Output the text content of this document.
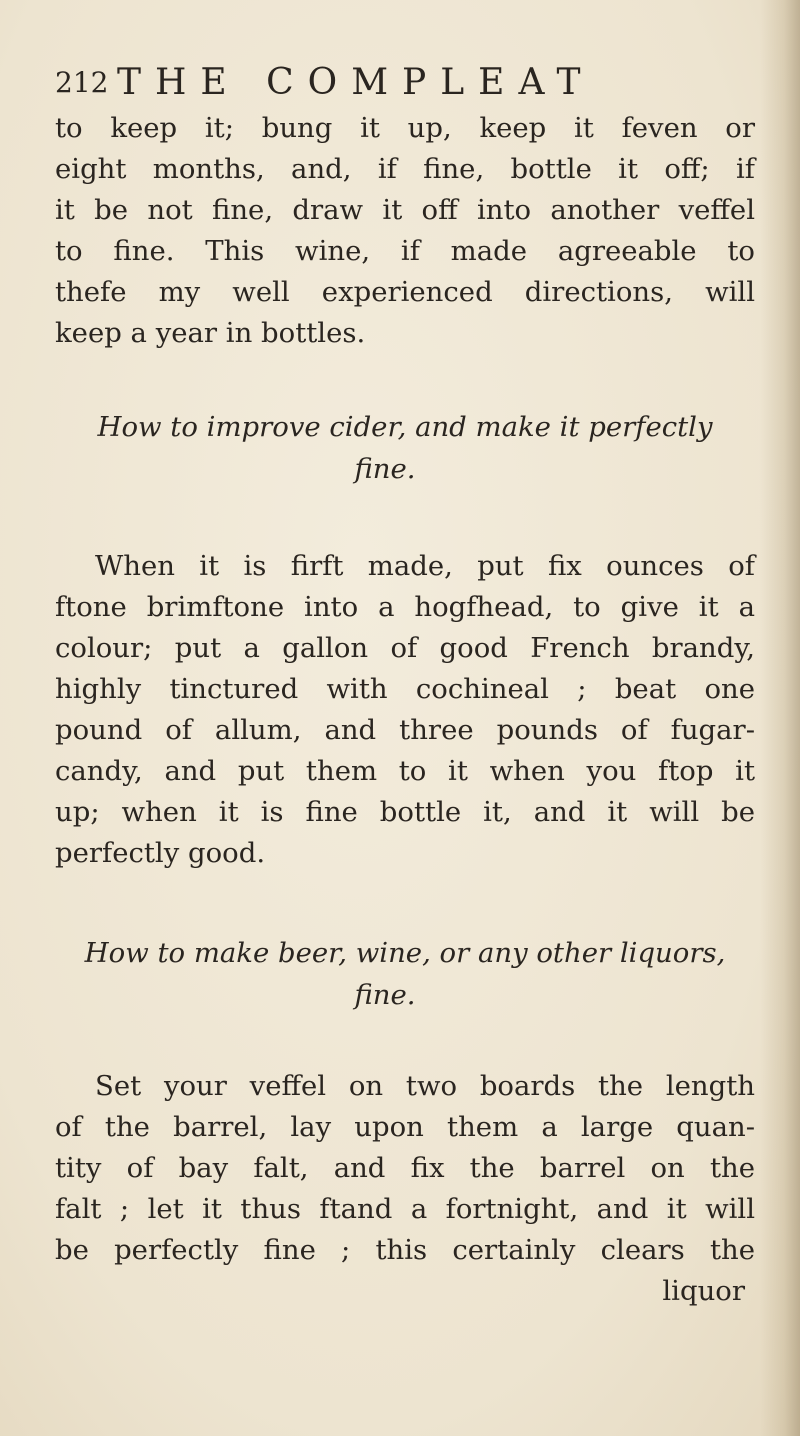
212 THE COMPLEAT
to keep it; bung it up, keep it feven or
eight months, and, if fine, bottle it off; if
it be not fine, draw it off into another veffel
to fine. This wine, if made agreeable to
thefe my well experienced directions, will
keep a year in bottles.
How to improve cider, and make it perfectly
fine.
When it is firft made, put fix ounces of
ftone brimftone into a hogfhead, to give it a
colour; put a gallon of good French brandy,
highly tinctured with cochineal ; beat one
pound of allum, and three pounds of fugar-
candy, and put them to it when you ftop it
up; when it is fine bottle it, and it will be
perfectly good.
How to make beer, wine, or any other liquors,
fine.
Set your veffel on two boards the length
of the barrel, lay upon them a large quan-
tity of bay falt, and fix the barrel on the
falt ; let it thus ftand a fortnight, and it will
be perfectly fine ; this certainly clears the
liquor
